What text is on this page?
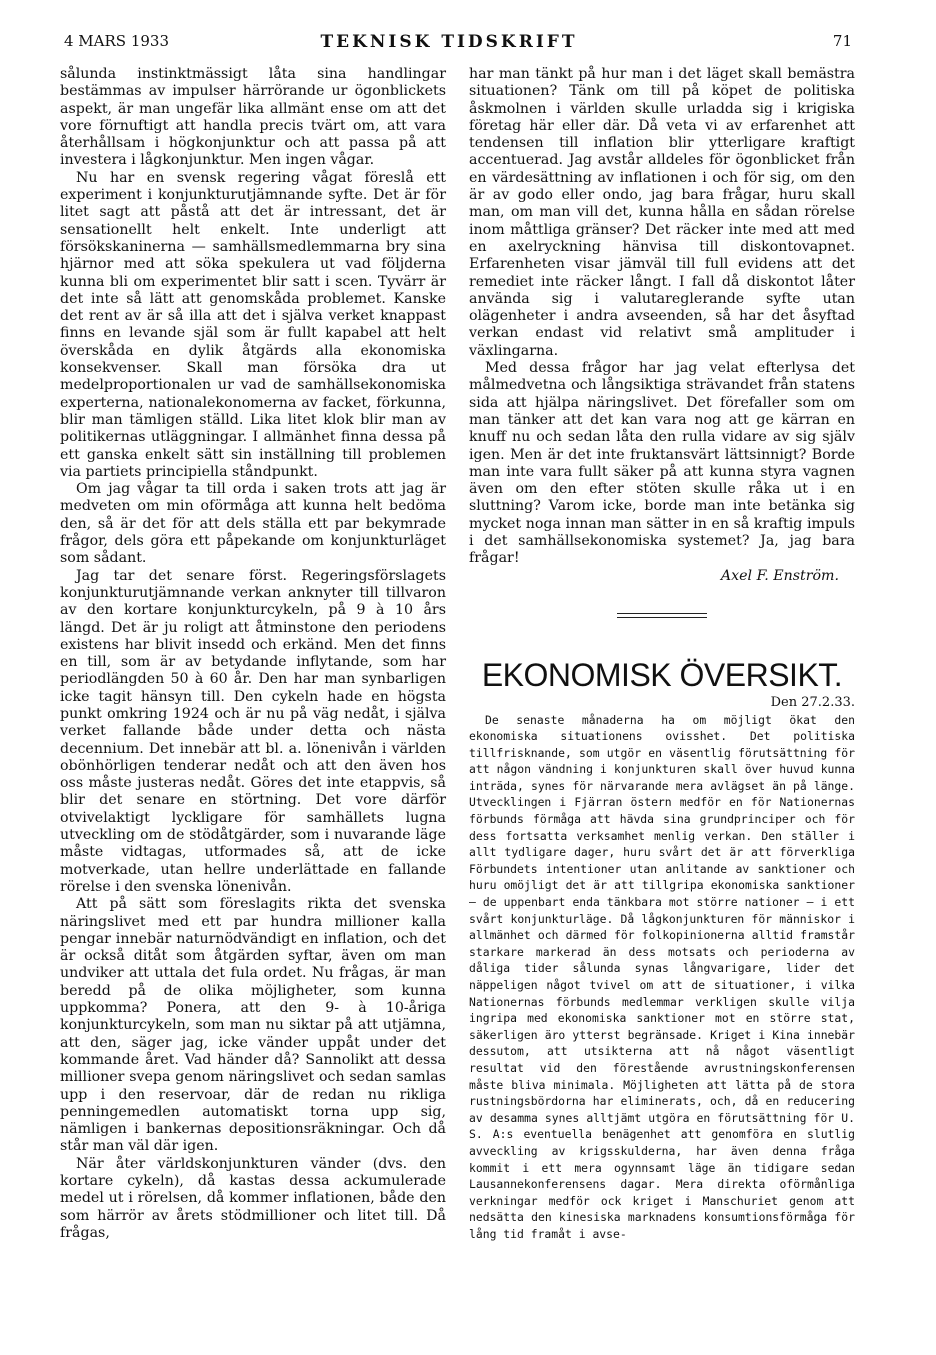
4 MARS 1933	TEKNISK TIDSKRIFT	71

sålunda instinktmässigt låta sina handlingar bestämmas av impulser härrörande ur ögonblickets aspekt, är man ungefär lika allmänt ense om att det vore förnuftigt att handla precis tvärt om, att vara återhållsam i högkonjunktur och att passa på att investera i lågkonjunktur. Men ingen vågar.

Nu har en svensk regering vågat föreslå ett experiment i konjunkturutjämnande syfte. Det är för litet sagt att påstå att det är intressant, det är sensationellt helt enkelt. Inte underligt att försökskaninerna — samhällsmedlemmarna bry sina hjärnor med att söka spekulera ut vad följderna kunna bli om experimentet blir satt i scen. Tyvärr är det inte så lätt att genomskåda problemet. Kanske det rent av är så illa att det i själva verket knappast finns en levande själ som är fullt kapabel att helt överskåda en dylik åtgärds alla ekonomiska konsekvenser. Skall man försöka dra ut medelproportionalen ur vad de samhällsekonomiska experterna, nationalekonomerna av facket, förkunna, blir man tämligen ställd. Lika litet klok blir man av politikernas utläggningar. I allmänhet finna dessa på ett ganska enkelt sätt sin inställning till problemen via partiets principiella ståndpunkt.

Om jag vågar ta till orda i saken trots att jag är medveten om min oförmåga att kunna helt bedöma den, så är det för att dels ställa ett par bekymrade frågor, dels göra ett påpekande om konjunkturläget som sådant.

Jag tar det senare först. Regeringsförslagets konjunkturutjämnande verkan anknyter till tillvaron av den kortare konjunkturcykeln, på 9 à 10 års längd. Det är ju roligt att åtminstone den periodens existens har blivit insedd och erkänd. Men det finns en till, som är av betydande inflytande, som har periodlängden 50 à 60 år. Den har man synbarligen icke tagit hänsyn till. Den cykeln hade en högsta punkt omkring 1924 och är nu på väg nedåt, i själva verket fallande både under detta och nästa decennium. Det innebär att bl. a. lönenivån i världen obönhörligen tenderar nedåt och att den även hos oss måste justeras nedåt. Göres det inte etappvis, så blir det senare en störtning. Det vore därför otvivelaktigt lyckligare för samhällets lugna utveckling om de stödåtgärder, som i nuvarande läge måste vidtagas, utformades så, att de icke motverkade, utan hellre underlättade en fallande rörelse i den svenska lönenivån.

Att på sätt som föreslagits rikta det svenska näringslivet med ett par hundra millioner kalla pengar innebär naturnödvändigt en inflation, och det är också ditåt som åtgärden syftar, även om man undviker att uttala det fula ordet. Nu frågas, är man beredd på de olika möjligheter, som kunna uppkomma? Ponera, att den 9- à 10-åriga konjunkturcykeln, som man nu siktar på att utjämna, att den, säger jag, icke vänder uppåt under det kommande året. Vad händer då? Sannolikt att dessa millioner svepa genom näringslivet och sedan samlas upp i den reservoar, där de redan nu rikliga penningemedlen automatiskt torna upp sig, nämligen i bankernas depositionsräkningar. Och då står man väl där igen.

När åter världskonjunkturen vänder (dvs. den kortare cykeln), då kastas dessa ackumulerade medel ut i rörelsen, då kommer inflationen, både den som härrör av årets stödmillioner och litet till. Då frågas,

har man tänkt på hur man i det läget skall bemästra situationen? Tänk om till på köpet de politiska åskmolnen i världen skulle urladda sig i krigiska företag här eller där. Då veta vi av erfarenhet att tendensen till inflation blir ytterligare kraftigt accentuerad. Jag avstår alldeles för ögonblicket från en värdesättning av inflationen i och för sig, om den är av godo eller ondo, jag bara frågar, huru skall man, om man vill det, kunna hålla en sådan rörelse inom måttliga gränser? Det räcker inte med att med en axelryckning hänvisa till diskontovapnet. Erfarenheten visar jämväl till full evidens att det remediet inte räcker långt. I fall då diskontot låter använda sig i valutareglerande syfte utan olägenheter i andra avseenden, så har det åsyftad verkan endast vid relativt små amplituder i växlingarna.

Med dessa frågor har jag velat efterlysa det målmedvetna och långsiktiga strävandet från statens sida att hjälpa näringslivet. Det förefaller som om man tänker att det kan vara nog att ge kärran en knuff nu och sedan låta den rulla vidare av sig själv igen. Men är det inte fruktansvärt lättsinnigt? Borde man inte vara fullt säker på att kunna styra vagnen även om den efter stöten skulle råka ut i en sluttning? Varom icke, borde man inte betänka sig mycket noga innan man sätter in en så kraftig impuls i det samhällsekonomiska systemet? Ja, jag bara frågar!

Axel F. Enström.

EKONOMISK ÖVERSIKT.

Den 27.2.33.

De senaste månaderna ha om möjligt ökat den ekonomiska situationens ovisshet. Det politiska tillfrisknande, som utgör en väsentlig förutsättning för att någon vändning i konjunkturen skall över huvud kunna inträda, synes för närvarande mera avlägset än på länge. Utvecklingen i Fjärran östern medför en för Nationernas förbunds förmåga att hävda sina grundprinciper och för dess fortsatta verksamhet menlig verkan. Den ställer i allt tydligare dager, huru svårt det är att förverkliga Förbundets intentioner utan anlitande av sanktioner och huru omöjligt det är att tillgripa ekonomiska sanktioner — de uppenbart enda tänkbara mot större nationer — i ett svårt konjunkturläge. Då lågkonjunkturen för människor i allmänhet och därmed för folkopinionerna alltid framstår starkare markerad än dess motsats och perioderna av dåliga tider sålunda synas långvarigare, lider det näppeligen något tvivel om att de situationer, i vilka Nationernas förbunds medlemmar verkligen skulle vilja ingripa med ekonomiska sanktioner mot en större stat, säkerligen äro ytterst begränsade. Kriget i Kina innebär dessutom, att utsikterna att nå något väsentligt resultat vid den förestående avrustningskonferensen måste bliva minimala. Möjligheten att lätta på de stora rustningsbördorna har eliminerats, och, då en reducering av desamma synes alltjämt utgöra en förutsättning för U. S. A:s eventuella benägenhet att genomföra en slutlig avveckling av krigsskulderna, har även denna fråga kommit i ett mera ogynnsamt läge än tidigare sedan Lausannekonferensens dagar. Mera direkta oförmånliga verkningar medför ock kriget i Manschuriet genom att nedsätta den kinesiska marknadens konsumtionsförmåga för lång tid framåt i avse-
